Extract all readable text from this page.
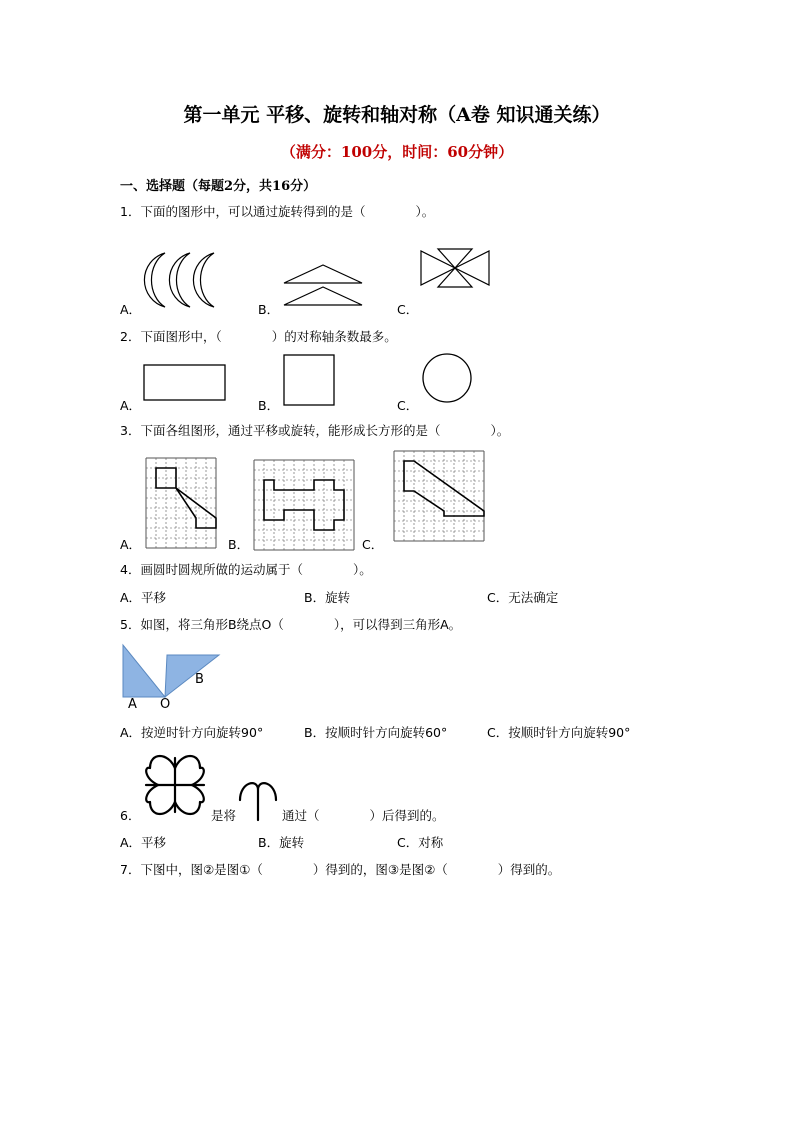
第一单元 平移、旋转和轴对称（A卷 知识通关练）
（满分：100分，时间：60分钟）
一、选择题（每题2分，共16分）
1．下面的图形中，可以通过旋转得到的是（　　　　）。
A．	B．	C．
2．下面图形中，（　　　　）的对称轴条数最多。
A．	B．	C．
3．下面各组图形，通过平移或旋转，能形成长方形的是（　　　　）。
A．	B．	C．
4．画圆时圆规所做的运动属于（　　　　）。
A．平移	B．旋转	C．无法确定
5．如图，将三角形B绕点O（　　　　），可以得到三角形A。
A O
B
A．按逆时针方向旋转90°	B．按顺时针方向旋转60°	C．按顺时针方向旋转90°
6．	是将	通过（　　　　）后得到的。
A．平移	B．旋转	C．对称
7．下图中，图②是图①（　　　　）得到的，图③是图②（　　　　）得到的。
